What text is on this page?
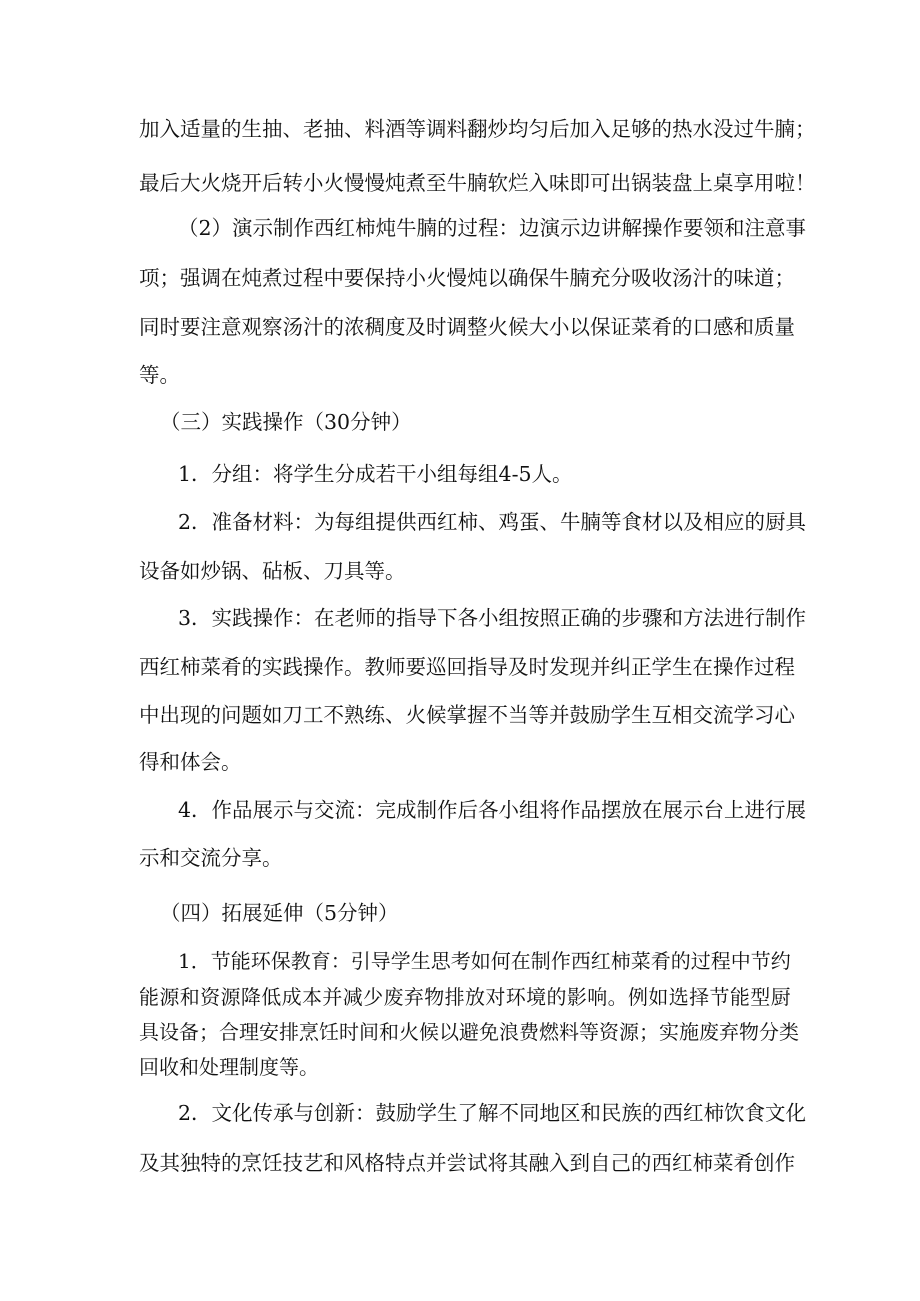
加 入 适 量 的 生 抽 、 老 抽 、 料 酒 等 调 料 翻 炒 均 匀 后 加 入 足 够 的 热 水 没 过 牛 腩 ；

最 后 大 火 烧 开 后 转 小 火 慢 慢 炖 煮 至 牛 腩 软 烂 入 味 即 可 出 锅 装 盘 上 桌 享 用 啦 ！

（ 2 ） 演 示 制 作 西 红 柿 炖 牛 腩 的 过 程 ： 边 演 示 边 讲 解 操 作 要 领 和 注 意 事

项 ； 强 调 在 炖 煮 过 程 中 要 保 持 小 火 慢 炖 以 确 保 牛 腩 充 分 吸 收 汤 汁 的 味 道 ；

同 时 要 注 意 观 察 汤 汁 的 浓 稠 度 及 时 调 整 火 候 大 小 以 保 证 菜 肴 的 口 感 和 质 量

等。

（三）实践操作（30分钟）

1．分组：将学生分成若干小组每组4-5人。

2 ． 准 备 材 料 ： 为 每 组 提 供 西 红 柿 、 鸡 蛋 、 牛 腩 等 食 材 以 及 相 应 的 厨 具

设备如炒锅、砧板、刀具等。

3 ． 实 践 操 作 ： 在 老 师 的 指 导 下 各 小 组 按 照 正 确 的 步 骤 和 方 法 进 行 制 作

西 红 柿 菜 肴 的 实 践 操 作 。 教 师 要 巡 回 指 导 及 时 发 现 并 纠 正 学 生 在 操 作 过 程

中 出 现 的 问 题 如 刀 工 不 熟 练 、 火 候 掌 握 不 当 等 并 鼓 励 学 生 互 相 交 流 学 习 心

得和体会。

4 ． 作 品 展 示 与 交 流 ： 完 成 制 作 后 各 小 组 将 作 品 摆 放 在 展 示 台 上 进 行 展

示和交流分享。

（四）拓展延伸（5分钟）

1 ． 节 能 环 保 教 育 ： 引 导 学 生 思 考 如 何 在 制 作 西 红 柿 菜 肴 的 过 程 中 节 约

能 源 和 资 源 降 低 成 本 并 减 少 废 弃 物 排 放 对 环 境 的 影 响 。 例 如 选 择 节 能 型 厨

具 设 备 ； 合 理 安 排 烹 饪 时 间 和 火 候 以 避 免 浪 费 燃 料 等 资 源 ； 实 施 废 弃 物 分 类

回收和处理制度等。

2 ． 文 化 传 承 与 创 新 ： 鼓 励 学 生 了 解 不 同 地 区 和 民 族 的 西 红 柿 饮 食 文 化

及 其 独 特 的 烹 饪 技 艺 和 风 格 特 点 并 尝 试 将 其 融 入 到 自 己 的 西 红 柿 菜 肴 创 作
